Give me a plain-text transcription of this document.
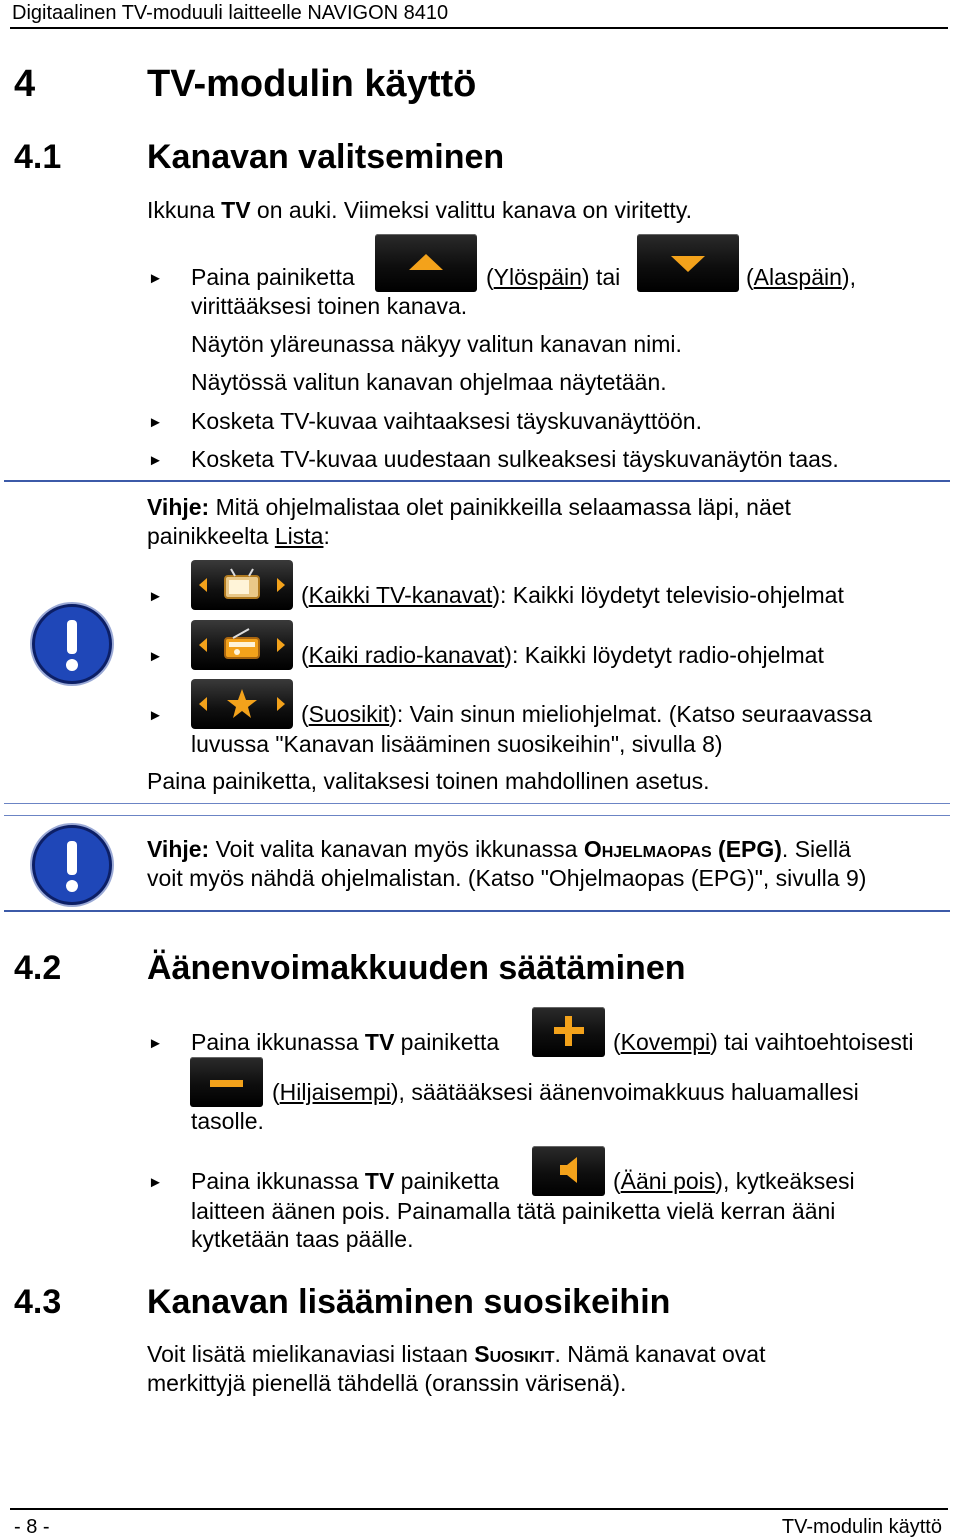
Digitaalinen TV-moduuli laitteelle NAVIGON 8410
4	TV-modulin käyttö
4.1	Kanavan valitseminen
Ikkuna TV on auki. Viimeksi valittu kanava on viritetty.
► Paina painiketta	(Ylöspäin) tai	(Alaspäin),
virittääksesi toinen kanava.
Näytön yläreunassa näkyy valitun kanavan nimi.
Näytössä valitun kanavan ohjelmaa näytetään.
► Kosketa TV-kuvaa vaihtaaksesi täyskuvanäyttöön.
► Kosketa TV-kuvaa uudestaan sulkeaksesi täyskuvanäytön taas.
Vihje: Mitä ohjelmalistaa olet painikkeilla selaamassa läpi, näet
painikkeelta Lista:
►	(Kaikki TV-kanavat): Kaikki löydetyt televisio-ohjelmat
►	(Kaiki radio-kanavat): Kaikki löydetyt radio-ohjelmat
►	(Suosikit): Vain sinun mieliohjelmat. (Katso seuraavassa
luvussa "Kanavan lisääminen suosikeihin", sivulla 8)
Paina painiketta, valitaksesi toinen mahdollinen asetus.
Vihje: Voit valita kanavan myös ikkunassa Ohjelmaopas (EPG). Siellä
voit myös nähdä ohjelmalistan. (Katso "Ohjelmaopas (EPG)", sivulla 9)
4.2	Äänenvoimakkuuden säätäminen
► Paina ikkunassa TV painiketta	(Kovempi) tai vaihtoehtoisesti
(Hiljaisempi), säätääksesi äänenvoimakkuus haluamallesi
tasolle.
► Paina ikkunassa TV painiketta	(Ääni pois), kytkeäksesi
laitteen äänen pois. Painamalla tätä painiketta vielä kerran ääni
kytketään taas päälle.
4.3	Kanavan lisääminen suosikeihin
Voit lisätä mielikanaviasi listaan Suosikit. Nämä kanavat ovat
merkittyjä pienellä tähdellä (oranssin värisenä).
- 8 -	TV-modulin käyttö
